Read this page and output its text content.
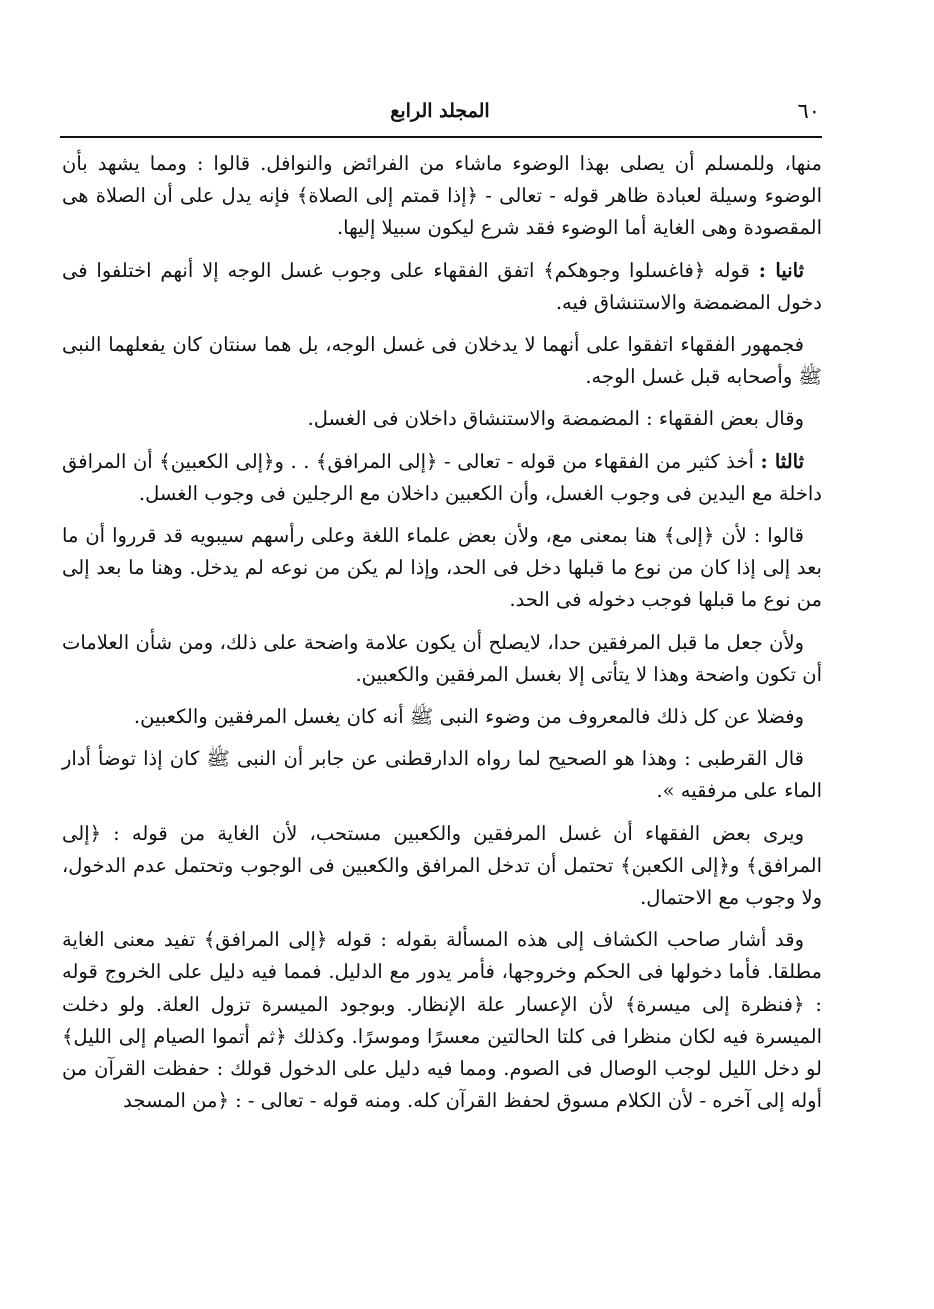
٦٠
المجلد الرابع

منها، وللمسلم أن يصلى بهذا الوضوء ماشاء من الفرائض والنوافل. قالوا : ومما يشهد بأن الوضوء وسيلة لعبادة ظاهر قوله - تعالى - ﴿إذا قمتم إلى الصلاة﴾ فإنه يدل على أن الصلاة هى المقصودة وهى الغاية أما الوضوء فقد شرع ليكون سبيلا إليها.

ثانيا : قوله ﴿فاغسلوا وجوهكم﴾ اتفق الفقهاء على وجوب غسل الوجه إلا أنهم اختلفوا فى دخول المضمضة والاستنشاق فيه.

فجمهور الفقهاء اتفقوا على أنهما لا يدخلان فى غسل الوجه، بل هما سنتان كان يفعلهما النبى ﷺ وأصحابه قبل غسل الوجه.

وقال بعض الفقهاء : المضمضة والاستنشاق داخلان فى الغسل.

ثالثا : أخذ كثير من الفقهاء من قوله - تعالى - ﴿إلى المرافق﴾ . . و﴿إلى الكعبين﴾ أن المرافق داخلة مع اليدين فى وجوب الغسل، وأن الكعبين داخلان مع الرجلين فى وجوب الغسل.

قالوا : لأن ﴿إلى﴾ هنا بمعنى مع، ولأن بعض علماء اللغة وعلى رأسهم سيبويه قد قرروا أن ما بعد إلى إذا كان من نوع ما قبلها دخل فى الحد، وإذا لم يكن من نوعه لم يدخل. وهنا ما بعد إلى من نوع ما قبلها فوجب دخوله فى الحد.

ولأن جعل ما قبل المرفقين حدا، لايصلح أن يكون علامة واضحة على ذلك، ومن شأن العلامات أن تكون واضحة وهذا لا يتأتى إلا بغسل المرفقين والكعبين.

وفضلا عن كل ذلك فالمعروف من وضوء النبى ﷺ أنه كان يغسل المرفقين والكعبين.

قال القرطبى : وهذا هو الصحيح لما رواه الدارقطنى عن جابر أن النبى ﷺ كان إذا توضأ أدار الماء على مرفقيه ».

ويرى بعض الفقهاء أن غسل المرفقين والكعبين مستحب، لأن الغاية من قوله : ﴿إلى المرافق﴾ و﴿إلى الكعبن﴾ تحتمل أن تدخل المرافق والكعبين فى الوجوب وتحتمل عدم الدخول، ولا وجوب مع الاحتمال.

وقد أشار صاحب الكشاف إلى هذه المسألة بقوله : قوله ﴿إلى المرافق﴾ تفيد معنى الغاية مطلقا. فأما دخولها فى الحكم وخروجها، فأمر يدور مع الدليل. فمما فيه دليل على الخروج قوله : ﴿فنظرة إلى ميسرة﴾ لأن الإعسار علة الإنظار. وبوجود الميسرة تزول العلة. ولو دخلت الميسرة فيه لكان منظرا فى كلتا الحالتين معسرًا وموسرًا. وكذلك ﴿ثم أتموا الصيام إلى الليل﴾ لو دخل الليل لوجب الوصال فى الصوم. ومما فيه دليل على الدخول قولك : حفظت القرآن من أوله إلى آخره - لأن الكلام مسوق لحفظ القرآن كله. ومنه قوله - تعالى - : ﴿من المسجد
